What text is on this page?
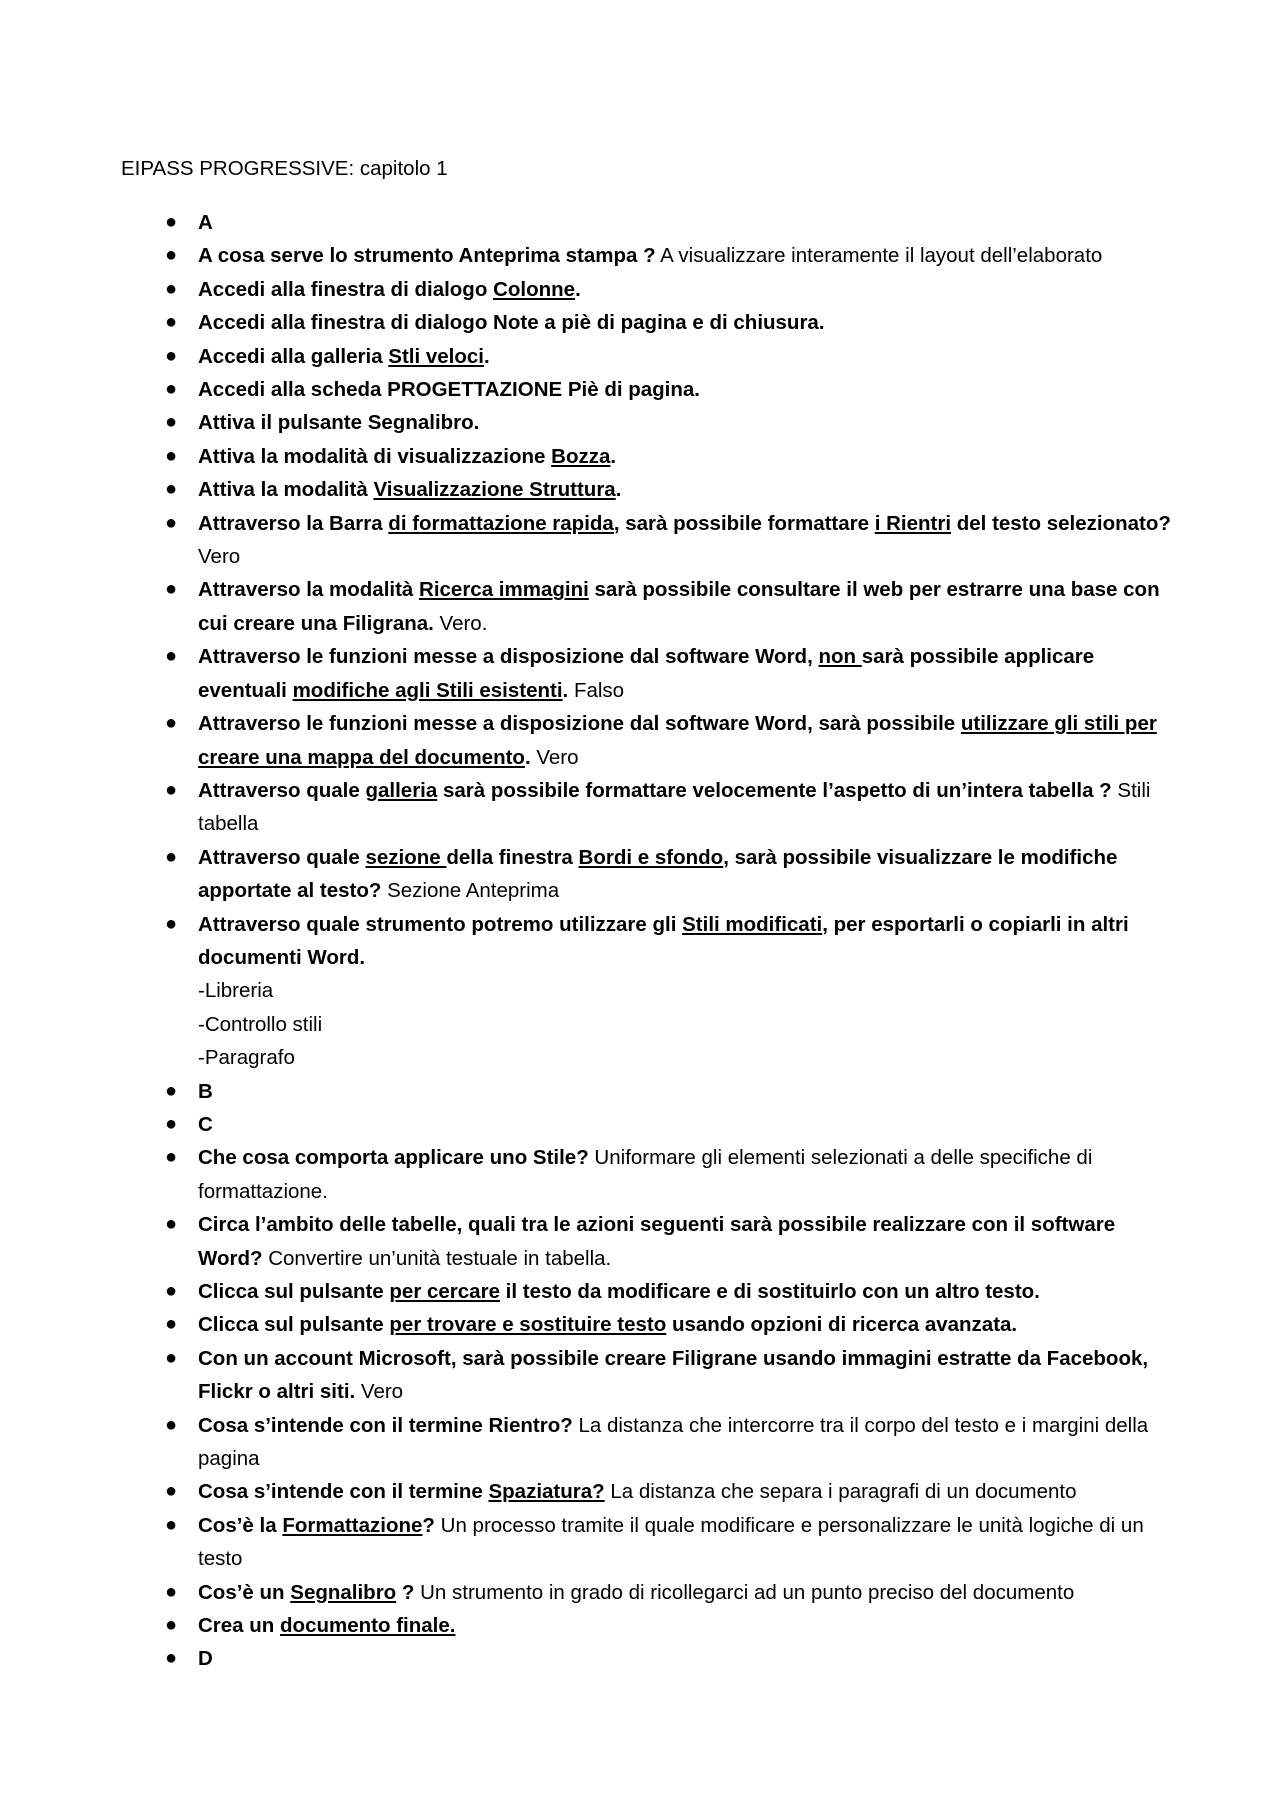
EIPASS PROGRESSIVE: capitolo 1
● A
● A cosa serve lo strumento Anteprima stampa ? A visualizzare interamente il layout dell’elaborato
● Accedi alla finestra di dialogo Colonne.
● Accedi alla finestra di dialogo Note a piè di pagina e di chiusura.
● Accedi alla galleria Stli veloci.
● Accedi alla scheda PROGETTAZIONE Piè di pagina.
● Attiva il pulsante Segnalibro.
● Attiva la modalità di visualizzazione Bozza.
● Attiva la modalità Visualizzazione Struttura.
● Attraverso la Barra di formattazione rapida, sarà possibile formattare i Rientri del testo selezionato? Vero
● Attraverso la modalità Ricerca immagini sarà possibile consultare il web per estrarre una base con cui creare una Filigrana. Vero.
● Attraverso le funzioni messe a disposizione dal software Word, non sarà possibile applicare eventuali modifiche agli Stili esistenti. Falso
● Attraverso le funzioni messe a disposizione dal software Word, sarà possibile utilizzare gli stili per creare una mappa del documento. Vero
● Attraverso quale galleria sarà possibile formattare velocemente l’aspetto di un’intera tabella ? Stili tabella
● Attraverso quale sezione della finestra Bordi e sfondo, sarà possibile visualizzare le modifiche apportate al testo? Sezione Anteprima
● Attraverso quale strumento potremo utilizzare gli Stili modificati, per esportarli o copiarli in altri documenti Word.
-Libreria
-Controllo stili
-Paragrafo
● B
● C
● Che cosa comporta applicare uno Stile? Uniformare gli elementi selezionati a delle specifiche di formattazione.
● Circa l’ambito delle tabelle, quali tra le azioni seguenti sarà possibile realizzare con il software Word? Convertire un’unità testuale in tabella.
● Clicca sul pulsante per cercare il testo da modificare e di sostituirlo con un altro testo.
● Clicca sul pulsante per trovare e sostituire testo usando opzioni di ricerca avanzata.
● Con un account Microsoft, sarà possibile creare Filigrane usando immagini estratte da Facebook, Flickr o altri siti. Vero
● Cosa s’intende con il termine Rientro? La distanza che intercorre tra il corpo del testo e i margini della pagina
● Cosa s’intende con il termine Spaziatura? La distanza che separa i paragrafi di un documento
● Cos’è la Formattazione? Un processo tramite il quale modificare e personalizzare le unità logiche di un testo
● Cos’è un Segnalibro ? Un strumento in grado di ricollegarci ad un punto preciso del documento
● Crea un documento finale.
● D
